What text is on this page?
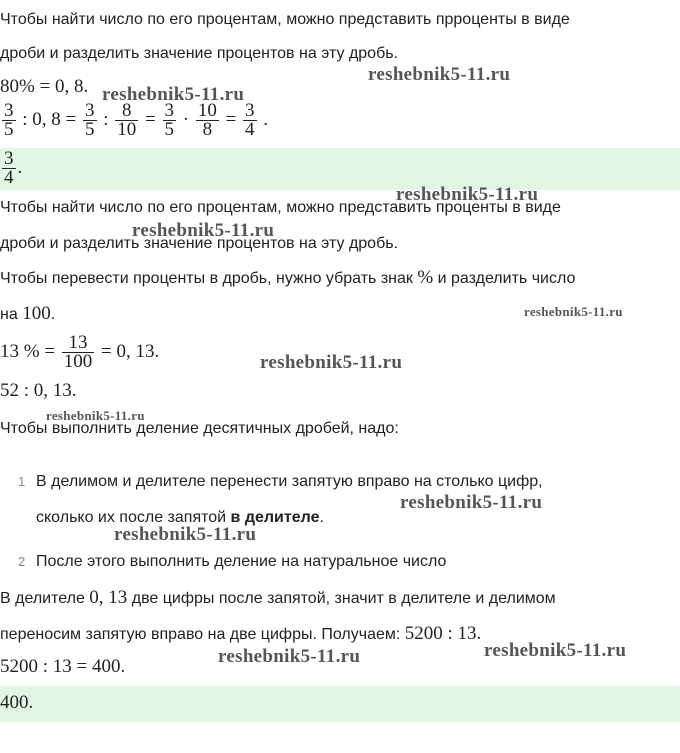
Чтобы найти число по его процентам, можно представить прроценты в виде
дроби и разделить значение процентов на эту дробь.
80% = 0, 8.
$\frac{3}{5}$ : 0, $8 = \frac{3}{5}$ : $\frac{8}{10} = \frac{3}{5} \cdot \frac{10}{8} = \frac{3}{4}$ .
$\frac{3}{4}$ .
Чтобы найти число по его процентам, можно представить проценты в виде
дроби и разделить значение процентов на эту дробь.
Чтобы перевести проценты в дробь, нужно убрать знак % и разделить число
на 100.
13 % = $\frac{13}{100} = 0$, 13.
52 : 0, 13.
Чтобы выполнить деление десятичных дробей, надо:
1 В делимом и делителе перенести запятую вправо на столько цифр,
сколько их после запятой в делителе.
2 После этого выполнить деление на натуральное число
В делителе 0, 13 две цифры после запятой, значит в делителе и делимом
переносим запятую вправо на две цифры. Получаем: 5200 : 13.
5200 : 13 = 400.
400.
reshebnik5-11.ru
reshebnik5-11.ru
reshebnik5-11.ru
reshebnik5-11.ru
reshebnik5-11.ru
reshebnik5-11.ru
reshebnik5-11.ru
reshebnik5-11.ru
reshebnik5-11.ru
reshebnik5-11.ru
reshebnik5-11.ru
